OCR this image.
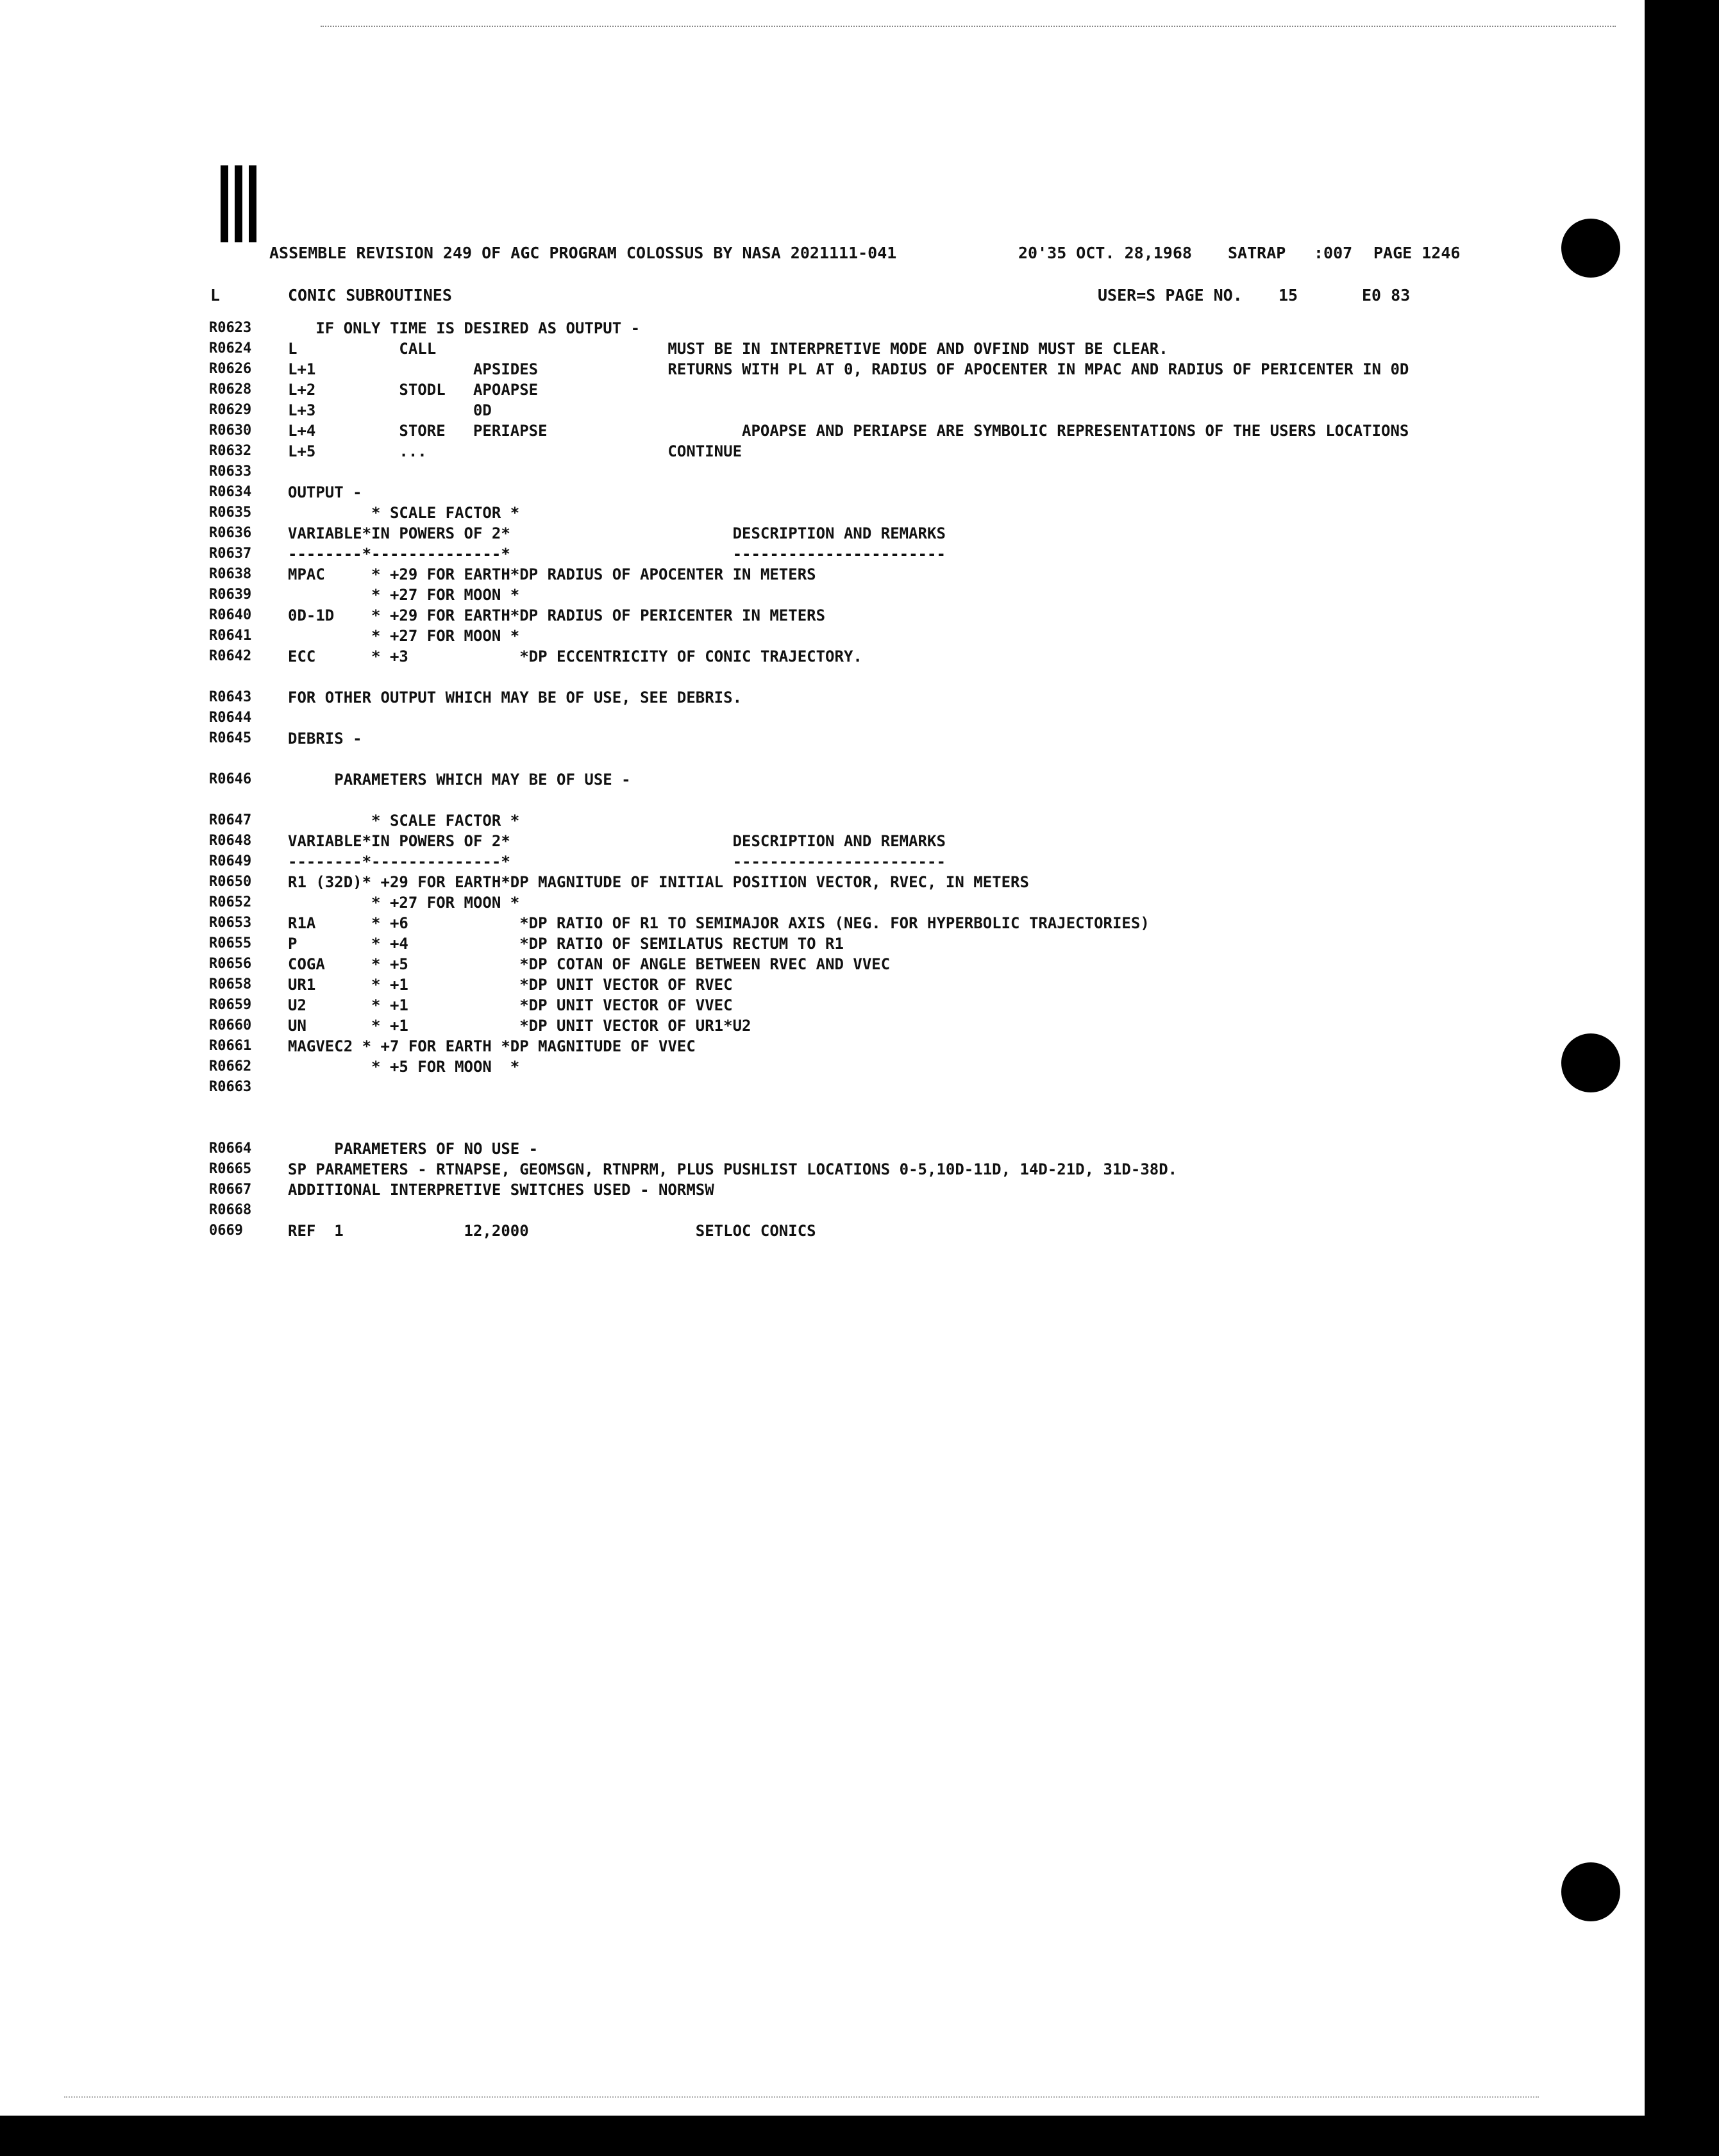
ASSEMBLE REVISION 249 OF AGC PROGRAM COLOSSUS BY NASA 2021111-041	20'35 OCT. 28,1968 SATRAP :007 PAGE 1246
L	CONIC SUBROUTINES	USER=S PAGE NO. 15	E0 83
R0623 IF ONLY TIME IS DESIRED AS OUTPUT -
R0624 L           CALL                         MUST BE IN INTERPRETIVE MODE AND OVFIND MUST BE CLEAR.
R0626 L+1                 APSIDES              RETURNS WITH PL AT 0, RADIUS OF APOCENTER IN MPAC AND RADIUS OF PERICENTER IN 0D
R0628 L+2         STODL   APOAPSE
R0629 L+3                 0D
R0630 L+4         STORE   PERIAPSE                     APOAPSE AND PERIAPSE ARE SYMBOLIC REPRESENTATIONS OF THE USERS LOCATIONS
R0632 L+5         ...                          CONTINUE
R0633
R0634 OUTPUT -
R0635 * SCALE FACTOR *
R0636 VARIABLE*IN POWERS OF 2*                        DESCRIPTION AND REMARKS
R0637 --------*--------------*                        -----------------------
R0638 MPAC     * +29 FOR EARTH*DP RADIUS OF APOCENTER IN METERS
R0639 * +27 FOR MOON *
R0640 0D-1D    * +29 FOR EARTH*DP RADIUS OF PERICENTER IN METERS
R0641 * +27 FOR MOON *
R0642 ECC      * +3            *DP ECCENTRICITY OF CONIC TRAJECTORY.
R0643 FOR OTHER OUTPUT WHICH MAY BE OF USE, SEE DEBRIS.
R0644
R0645 DEBRIS -
R0646 PARAMETERS WHICH MAY BE OF USE -
R0647 * SCALE FACTOR *
R0648 VARIABLE*IN POWERS OF 2*                        DESCRIPTION AND REMARKS
R0649 --------*--------------*                        -----------------------
R0650 R1 (32D)* +29 FOR EARTH*DP MAGNITUDE OF INITIAL POSITION VECTOR, RVEC, IN METERS
R0652 * +27 FOR MOON *
R0653 R1A      * +6            *DP RATIO OF R1 TO SEMIMAJOR AXIS (NEG. FOR HYPERBOLIC TRAJECTORIES)
R0655 P        * +4            *DP RATIO OF SEMILATUS RECTUM TO R1
R0656 COGA     * +5            *DP COTAN OF ANGLE BETWEEN RVEC AND VVEC
R0658 UR1      * +1            *DP UNIT VECTOR OF RVEC
R0659 U2       * +1            *DP UNIT VECTOR OF VVEC
R0660 UN       * +1            *DP UNIT VECTOR OF UR1*U2
R0661 MAGVEC2 * +7 FOR EARTH *DP MAGNITUDE OF VVEC
R0662 * +5 FOR MOON  *
R0663
R0664 PARAMETERS OF NO USE -
R0665 SP PARAMETERS - RTNAPSE, GEOMSGN, RTNPRM, PLUS PUSHLIST LOCATIONS 0-5,10D-11D, 14D-21D, 31D-38D.
R0667 ADDITIONAL INTERPRETIVE SWITCHES USED - NORMSW
R0668
0669	REF  1             12,2000                  SETLOC CONICS
